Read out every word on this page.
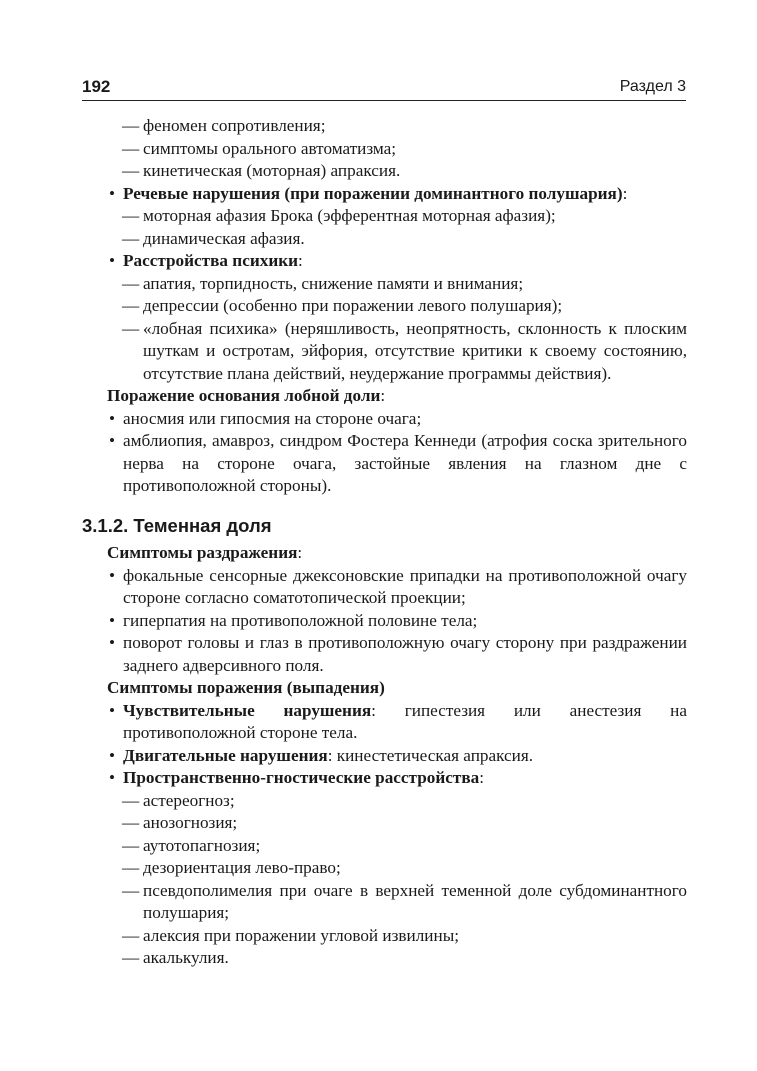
192	Раздел 3
— феномен сопротивления;
— симптомы орального автоматизма;
— кинетическая (моторная) апраксия.
• Речевые нарушения (при поражении доминантного полушария):
— моторная афазия Брока (эфферентная моторная афазия);
— динамическая афазия.
• Расстройства психики:
— апатия, торпидность, снижение памяти и внимания;
— депрессии (особенно при поражении левого полушария);
— «лобная психика» (неряшливость, неопрятность, склонность к плоским шуткам и остротам, эйфория, отсутствие критики к своему состоянию, отсутствие плана действий, неудержание программы действия).
Поражение основания лобной доли:
• аносмия или гипосмия на стороне очага;
• амблиопия, амавроз, синдром Фостера Кеннеди (атрофия соска зрительного нерва на стороне очага, застойные явления на глазном дне с противоположной стороны).
3.1.2. Теменная доля
Симптомы раздражения:
• фокальные сенсорные джексоновские припадки на противоположной очагу стороне согласно соматотопической проекции;
• гиперпатия на противоположной половине тела;
• поворот головы и глаз в противоположную очагу сторону при раздражении заднего адверсивного поля.
Симптомы поражения (выпадения)
• Чувствительные нарушения: гипестезия или анестезия на противоположной стороне тела.
• Двигательные нарушения: кинестетическая апраксия.
• Пространственно-гностические расстройства:
— астереогноз;
— анозогнозия;
— аутотопагнозия;
— дезориентация лево-право;
— псевдополимелия при очаге в верхней теменной доле субдоминантного полушария;
— алексия при поражении угловой извилины;
— акалькулия.
